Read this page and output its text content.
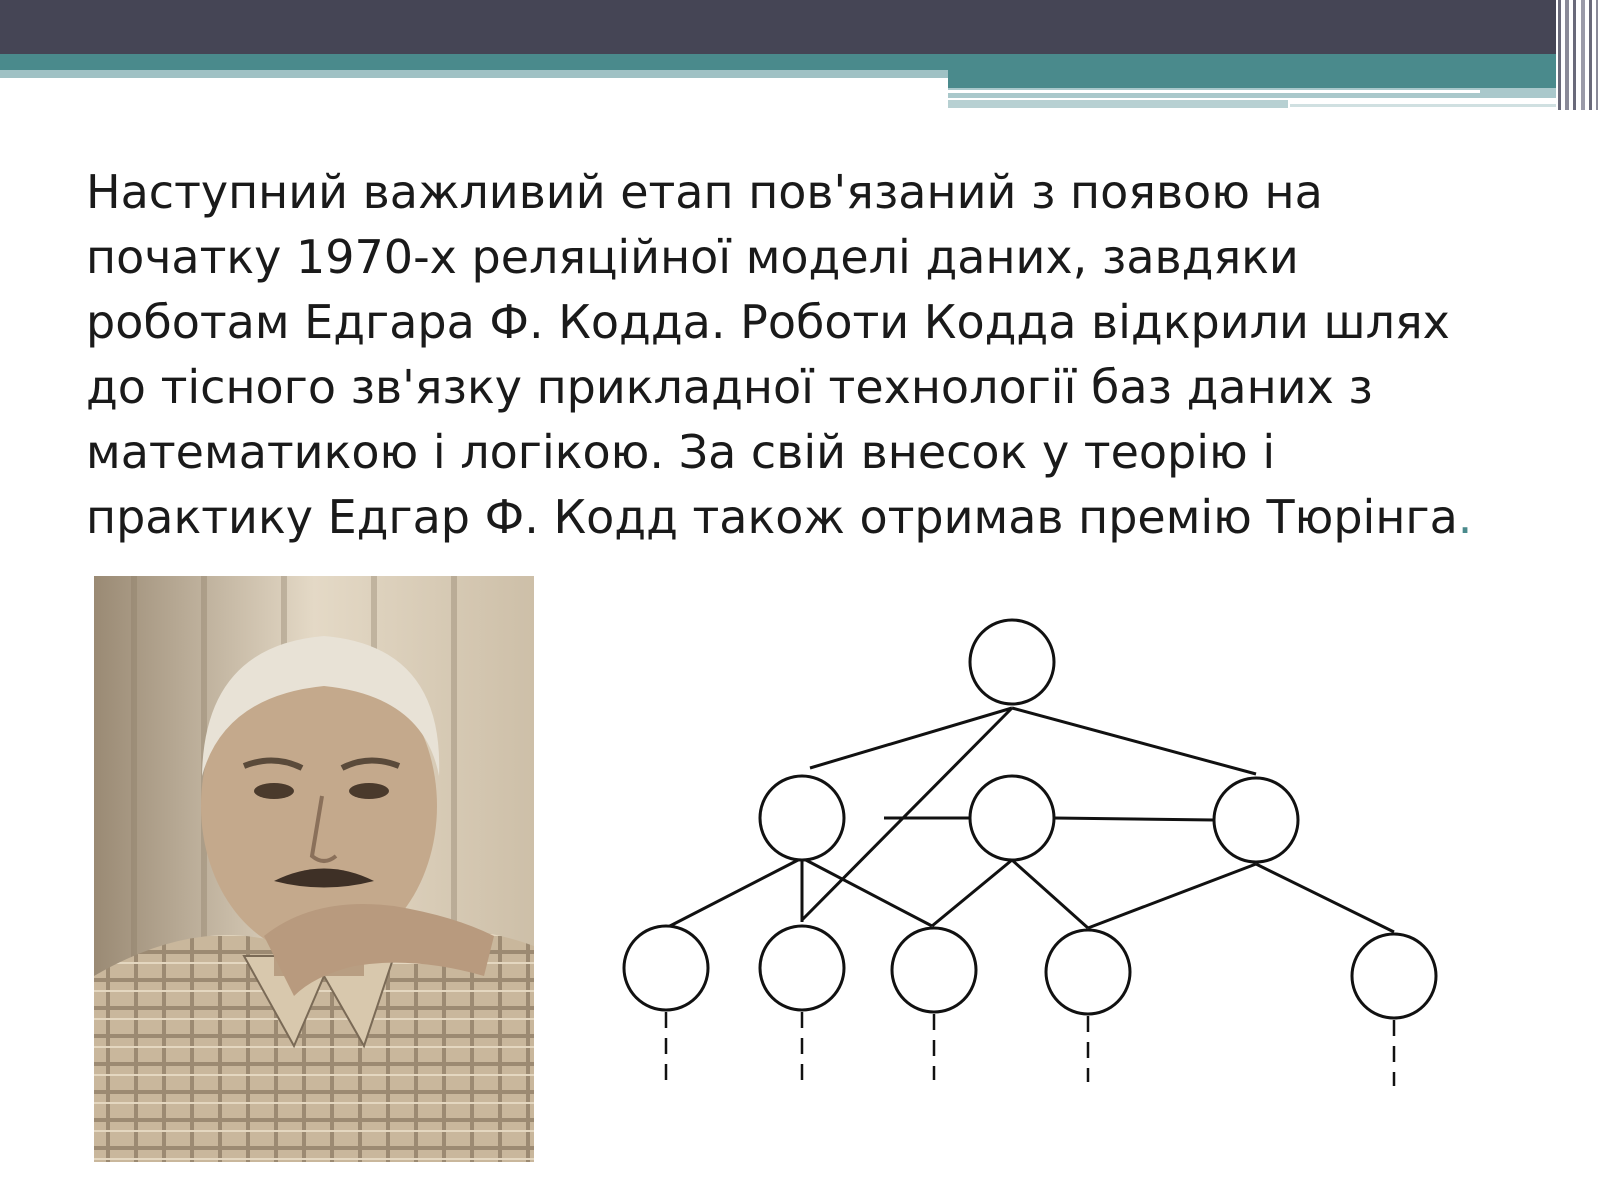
Наступний важливий етап пов'язаний з появою на
початку 1970-х реляційної моделі даних, завдяки
роботам Едгара Ф. Кодда. Роботи Кодда відкрили шлях
до тісного зв'язку прикладної технології баз даних з
математикою і логікою. За свій внесок у теорію і
практику Едгар Ф. Кодд також отримав премію Тюрінга.
